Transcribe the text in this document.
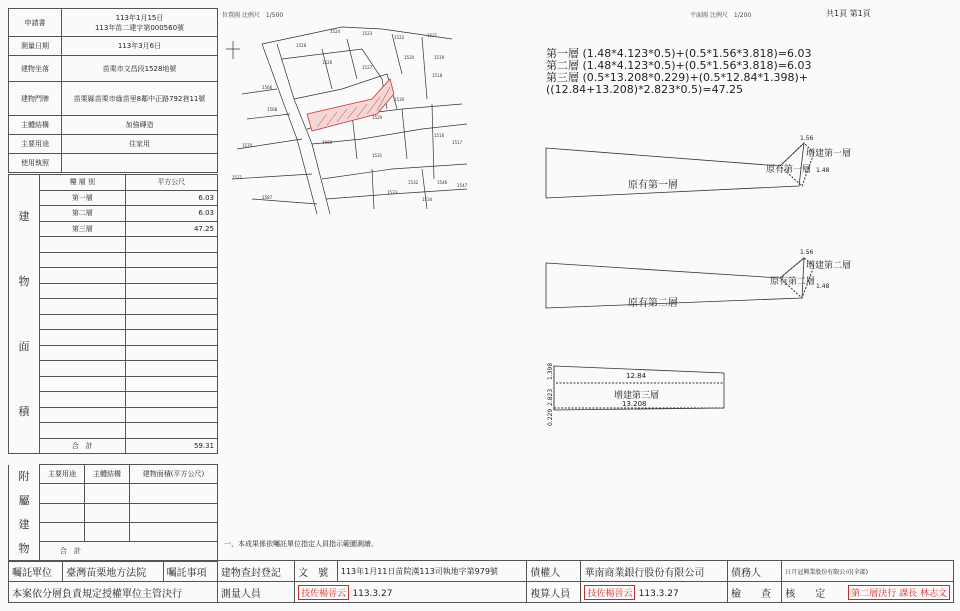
申請書	113年1月15日
113年苗二建字第000560號

測量日期	113年3月6日
建物坐落	苗栗市文昌段1528地號
建物門牌	苗栗縣苗栗市綠苗里8鄰中正路792巷11號
主體結構	加強磚造
主要用途	住家用
使用執照	
建
物
面
積	樓 層 別	平方公尺
	第一層	6.03
	第二層	6.03
	第三層	47.25

	合　計	59.31
附
屬
建
物	主要用途	主體結構	建物面積(平方公尺)

	合　計		
位置圖 比例尺　1/500
1524	1523
1522	1521
1528
1520
1526
1527
1519
1518
1529
1530
1566
1568
1570
1571
1569
1516
1517
1531
1532
1533
1534
1546
1547
1587
平面圖 比例尺　1/200	共1頁 第1頁
第一層 (1.48*4.123*0.5)+(0.5*1.56*3.818)=6.03
第二層 (1.48*4.123*0.5)+(0.5*1.56*3.818)=6.03
第三層 (0.5*13.208*0.229)+(0.5*12.84*1.398)+((12.84+13.208)*2.823*0.5)=47.25
原有第一層
增建第一層
原有第一層
1.56
1.48
原有第二層
增建第二層
原有第二層
1.56
1.48
增建第三層
12.84
13.208
1.398
2.823
0.229
一、本成果係依囑託單位指定人員指示範圍測繪。
囑託單位	臺灣苗栗地方法院	囑託事項	建物查封登記	文　號	113年1月11日苗院漢113司執地字第979號	債權人	華南商業銀行股份有限公司	債務人	日月冠興業股份有限公司(全部)
本案依分層負責規定授權單位主管決行			測量人員	技佐楊晉云 113.3.27		複算人員	技佐楊晉云 113.3.27	檢　　查	核　　定 第二層決行 課長 林志文
